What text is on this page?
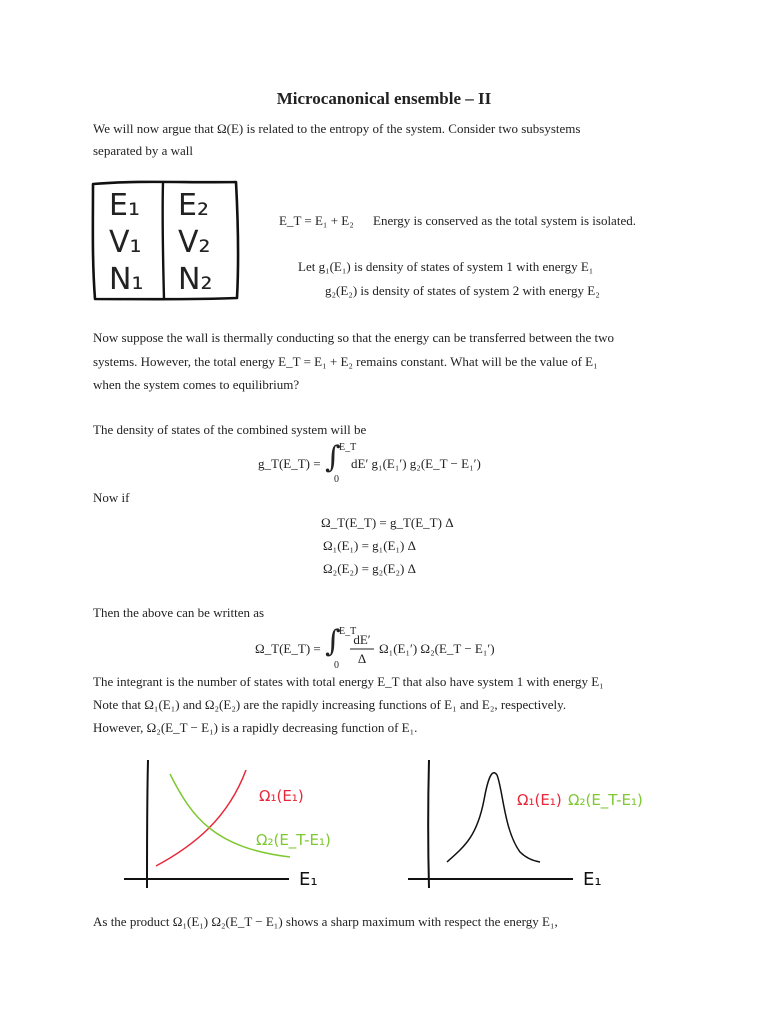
Microcanonical ensemble – II
We will now argue that Ω(E) is related to the entropy of the system. Consider two subsystems
separated by a wall
E₁
V₁
N₁
E₂
V₂
N₂
E_T = E₁ + E₂ Energy is conserved as the total system is isolated.
Let g₁(E₁) is density of states of system 1 with energy E₁
g₂(E₂) is density of states of system 2 with energy E₂
Now suppose the wall is thermally conducting so that the energy can be transferred between the two
systems. However, the total energy E_T = E₁ + E₂ remains constant. What will be the value of E₁
when the system comes to equilibrium?
The density of states of the combined system will be
g_T(E_T) = ∫
E_T
0
dE′ g₁(E₁′) g₂(E_T − E₁′)
Now if
Ω_T(E_T) = g_T(E_T) Δ
Ω₁(E₁) = g₁(E₁) Δ
Ω₂(E₂) = g₂(E₂) Δ
Then the above can be written as
Ω_T(E_T) = ∫
E_T
0
dE′
Δ
Ω₁(E₁′) Ω₂(E_T − E₁′)
The integrant is the number of states with total energy E_T that also have system 1 with energy E₁
Note that Ω₁(E₁) and Ω₂(E₂) are the rapidly increasing functions of E₁ and E₂, respectively.
However, Ω₂(E_T − E₁) is a rapidly decreasing function of E₁.
Ω₁(E₁)
Ω₂(E_T-E₁)
E₁
Ω₁(E₁) Ω₂(E_T-E₁)
E₁
As the product Ω₁(E₁) Ω₂(E_T − E₁) shows a sharp maximum with respect the energy E₁,
